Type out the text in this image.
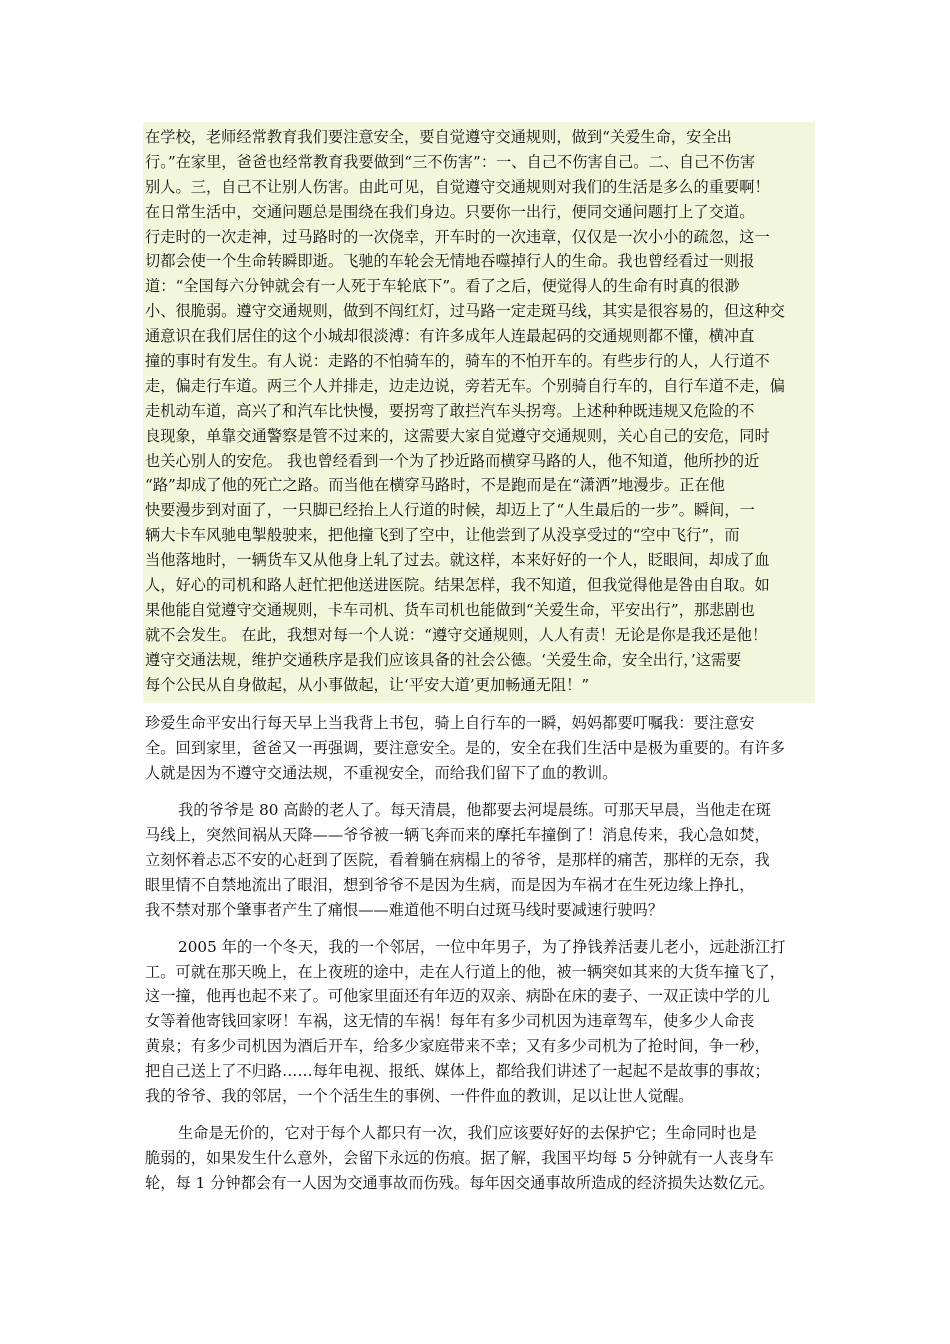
在学校，老师经常教育我们要注意安全，要自觉遵守交通规则，做到“关爱生命，安全出
行。”在家里，爸爸也经常教育我要做到“三不伤害”：一、自己不伤害自己。二、自己不伤害
别人。三，自己不让别人伤害。由此可见，自觉遵守交通规则对我们的生活是多么的重要啊！
在日常生活中，交通问题总是围绕在我们身边。只要你一出行，便同交通问题打上了交道。
行走时的一次走神，过马路时的一次侥幸，开车时的一次违章，仅仅是一次小小的疏忽，这一
切都会使一个生命转瞬即逝。飞驰的车轮会无情地吞噬掉行人的生命。我也曾经看过一则报
道：“全国每六分钟就会有一人死于车轮底下”。看了之后，便觉得人的生命有时真的很渺
小、很脆弱。遵守交通规则，做到不闯红灯，过马路一定走斑马线，其实是很容易的，但这种交
通意识在我们居住的这个小城却很淡溥：有许多成年人连最起码的交通规则都不懂，横冲直
撞的事时有发生。有人说：走路的不怕骑车的，骑车的不怕开车的。有些步行的人，人行道不
走，偏走行车道。两三个人并排走，边走边说，旁若无车。个别骑自行车的，自行车道不走，偏
走机动车道，高兴了和汽车比快慢，要拐弯了敢拦汽车头拐弯。上述种种既违规又危险的不
良现象，单靠交通警察是管不过来的，这需要大家自觉遵守交通规则，关心自己的安危，同时
也关心别人的安危。 我也曾经看到一个为了抄近路而横穿马路的人，他不知道，他所抄的近
“路”却成了他的死亡之路。而当他在横穿马路时，不是跑而是在“潇洒”地漫步。正在他
快要漫步到对面了，一只脚已经抬上人行道的时候，却迈上了“人生最后的一步”。瞬间，一
辆大卡车风驰电掣般驶来，把他撞飞到了空中，让他尝到了从没享受过的“空中飞行”，而
当他落地时，一辆货车又从他身上轧了过去。就这样，本来好好的一个人，眨眼间，却成了血
人，好心的司机和路人赶忙把他送进医院。结果怎样，我不知道，但我觉得他是咎由自取。如
果他能自觉遵守交通规则，卡车司机、货车司机也能做到“关爱生命，平安出行”，那悲剧也
就不会发生。 在此，我想对每一个人说：“遵守交通规则，人人有责！无论是你是我还是他！
遵守交通法规，维护交通秩序是我们应该具备的社会公德。‘关爱生命，安全出行，’这需要
每个公民从自身做起，从小事做起，让‘平安大道’更加畅通无阻！”
珍爱生命平安出行每天早上当我背上书包，骑上自行车的一瞬，妈妈都要叮嘱我：要注意安
全。回到家里，爸爸又一再强调，要注意安全。是的，安全在我们生活中是极为重要的。有许多
人就是因为不遵守交通法规，不重视安全，而给我们留下了血的教训。
我的爷爷是 80 高龄的老人了。每天清晨，他都要去河堤晨练。可那天早晨，当他走在斑
马线上，突然间祸从天降——爷爷被一辆飞奔而来的摩托车撞倒了！消息传来，我心急如焚，
立刻怀着忐忑不安的心赶到了医院，看着躺在病榻上的爷爷，是那样的痛苦，那样的无奈，我
眼里情不自禁地流出了眼泪，想到爷爷不是因为生病，而是因为车祸才在生死边缘上挣扎，
我不禁对那个肇事者产生了痛恨——难道他不明白过斑马线时要减速行驶吗？
2005 年的一个冬天，我的一个邻居，一位中年男子，为了挣钱养活妻儿老小，远赴浙江打
工。可就在那天晚上，在上夜班的途中，走在人行道上的他，被一辆突如其来的大货车撞飞了，
这一撞，他再也起不来了。可他家里面还有年迈的双亲、病卧在床的妻子、一双正读中学的儿
女等着他寄钱回家呀！车祸，这无情的车祸！每年有多少司机因为违章驾车，使多少人命丧
黄泉；有多少司机因为酒后开车，给多少家庭带来不幸；又有多少司机为了抢时间，争一秒，
把自己送上了不归路……每年电视、报纸、媒体上，都给我们讲述了一起起不是故事的事故；
我的爷爷、我的邻居，一个个活生生的事例、一件件血的教训，足以让世人觉醒。
生命是无价的，它对于每个人都只有一次，我们应该要好好的去保护它；生命同时也是
脆弱的，如果发生什么意外，会留下永远的伤痕。据了解，我国平均每 5 分钟就有一人丧身车
轮，每 1 分钟都会有一人因为交通事故而伤残。每年因交通事故所造成的经济损失达数亿元。
